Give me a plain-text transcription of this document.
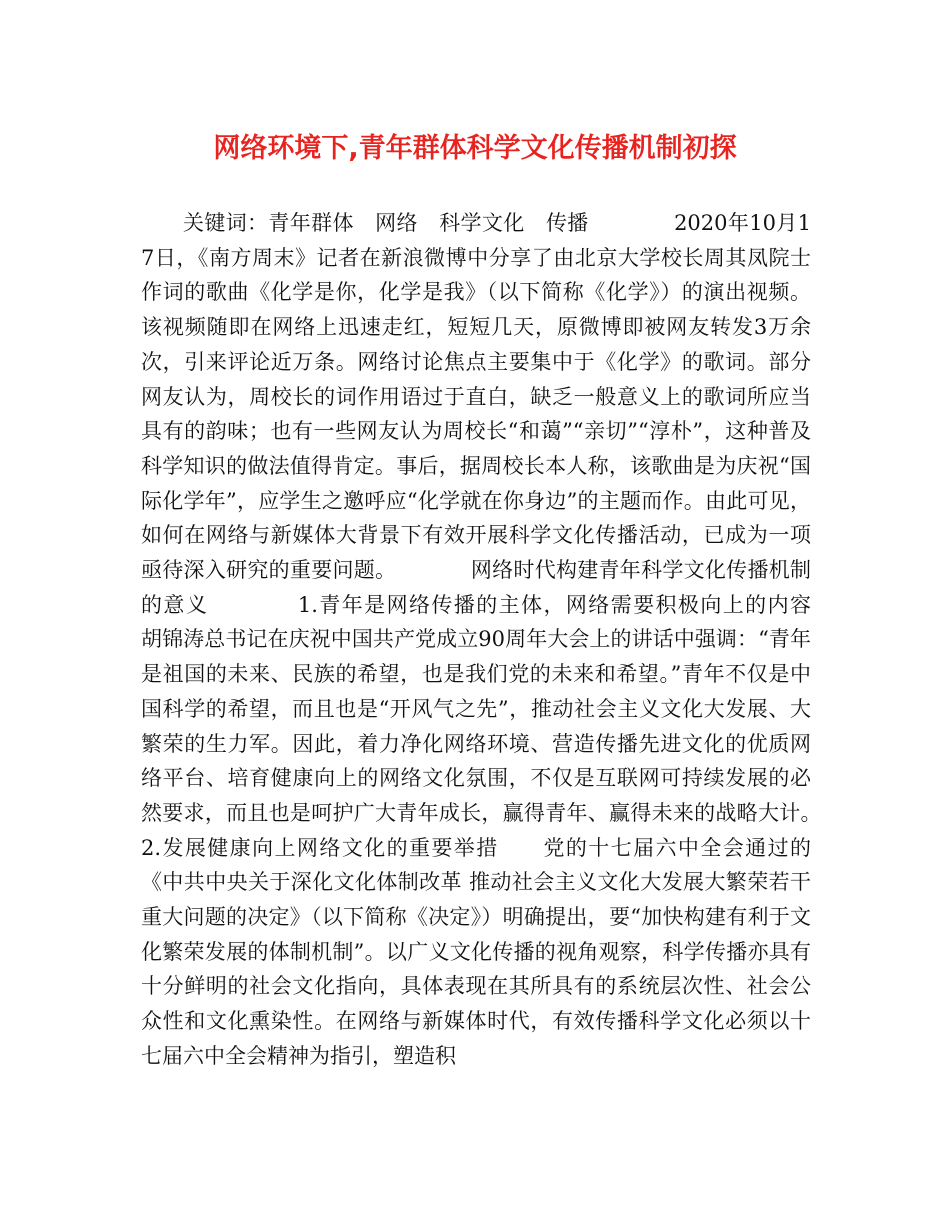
网络环境下,青年群体科学文化传播机制初探

关键词：青年群体　网络　科学文化　传播　　　　2020年10月17日，《南方周末》记者在新浪微博中分享了由北京大学校长周其凤院士作词的歌曲《化学是你，化学是我》（以下简称《化学》）的演出视频。该视频随即在网络上迅速走红，短短几天，原微博即被网友转发3万余次，引来评论近万条。网络讨论焦点主要集中于《化学》的歌词。部分网友认为，周校长的词作用语过于直白，缺乏一般意义上的歌词所应当具有的韵味；也有一些网友认为周校长“和蔼”“亲切”“淳朴”，这种普及科学知识的做法值得肯定。事后，据周校长本人称，该歌曲是为庆祝“国际化学年”，应学生之邀呼应“化学就在你身边”的主题而作。由此可见，如何在网络与新媒体大背景下有效开展科学文化传播活动，已成为一项亟待深入研究的重要问题。　　　　网络时代构建青年科学文化传播机制的意义　　　　1.青年是网络传播的主体，网络需要积极向上的内容　　胡锦涛总书记在庆祝中国共产党成立90周年大会上的讲话中强调：“青年是祖国的未来、民族的希望，也是我们党的未来和希望。”青年不仅是中国科学的希望，而且也是“开风气之先”，推动社会主义文化大发展、大繁荣的生力军。因此，着力净化网络环境、营造传播先进文化的优质网络平台、培育健康向上的网络文化氛围，不仅是互联网可持续发展的必然要求，而且也是呵护广大青年成长，赢得青年、赢得未来的战略大计。　　2.发展健康向上网络文化的重要举措　　党的十七届六中全会通过的《中共中央关于深化文化体制改革 推动社会主义文化大发展大繁荣若干重大问题的决定》（以下简称《决定》）明确提出，要“加快构建有利于文化繁荣发展的体制机制”。以广义文化传播的视角观察，科学传播亦具有十分鲜明的社会文化指向，具体表现在其所具有的系统层次性、社会公众性和文化熏染性。在网络与新媒体时代，有效传播科学文化必须以十七届六中全会精神为指引，塑造积
